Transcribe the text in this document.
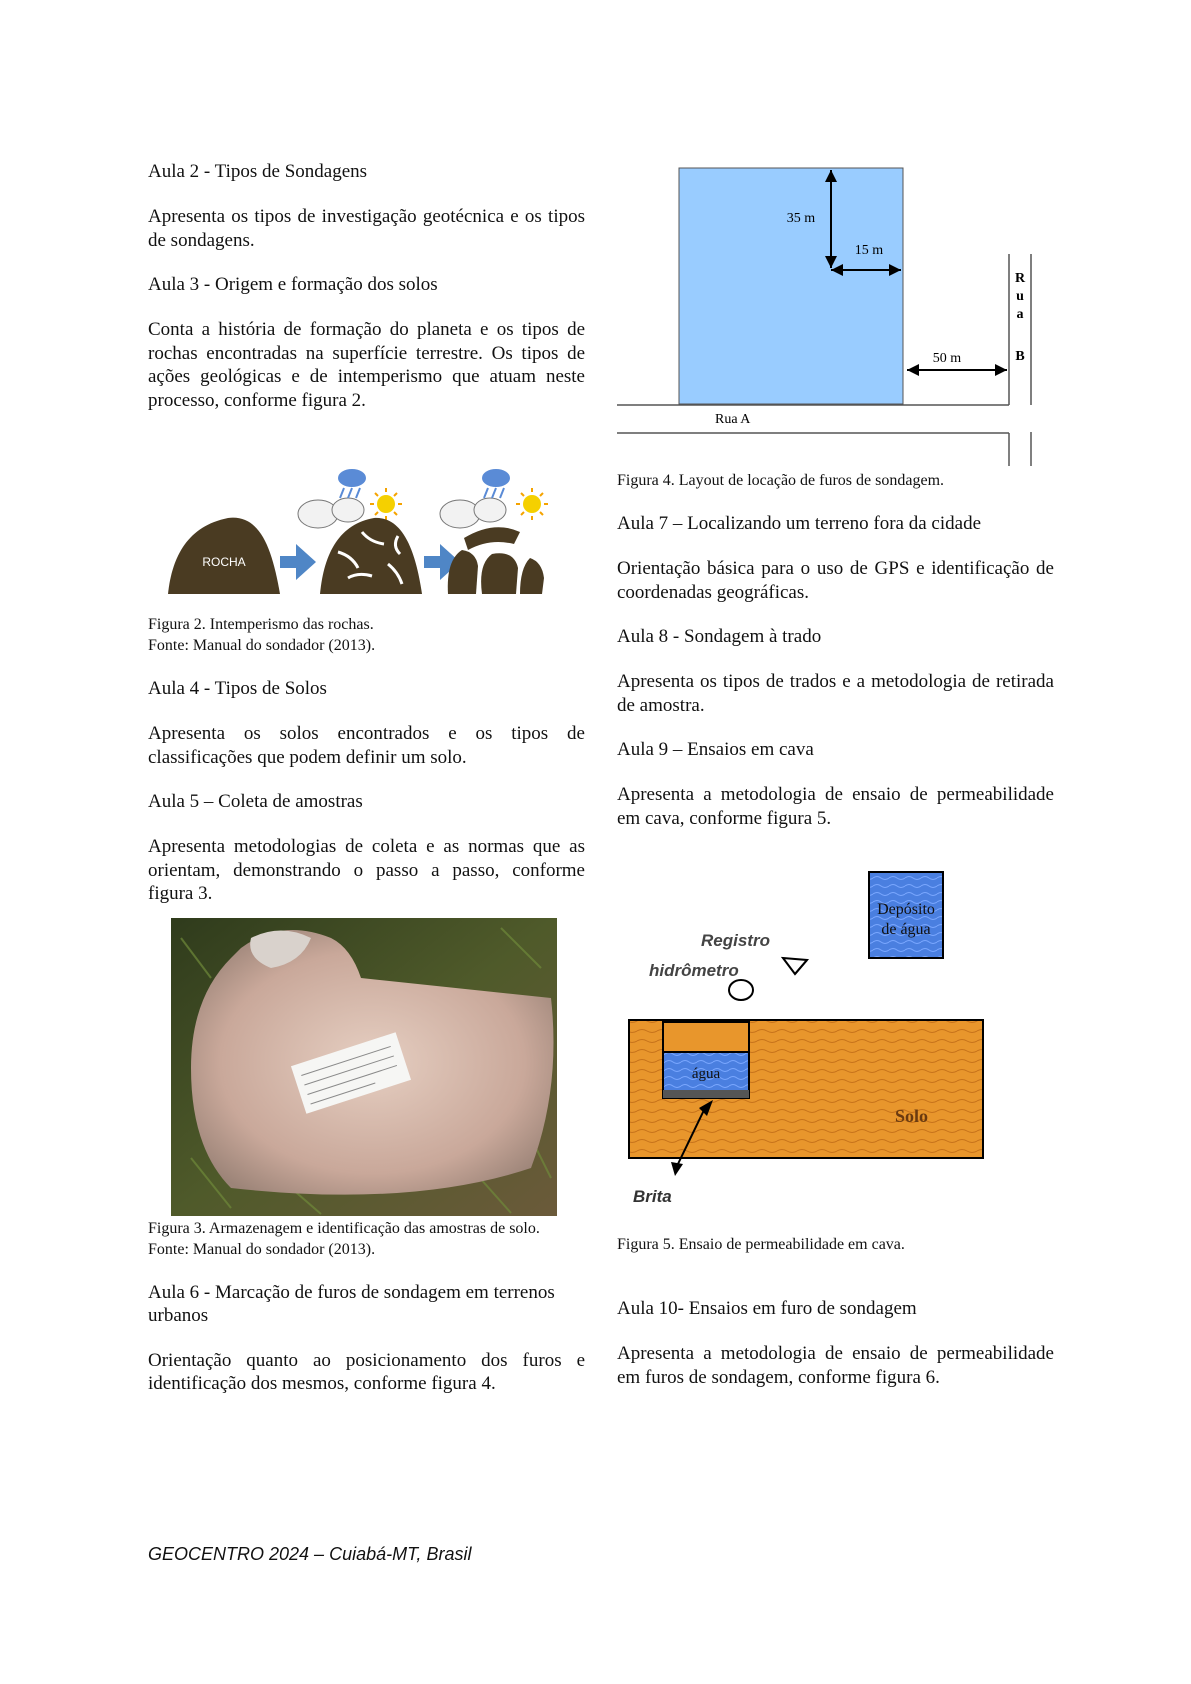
Aula 2 - Tipos de Sondagens

Apresenta os tipos de investigação geotécnica e os tipos de sondagens.

Aula 3 - Origem e formação dos solos

Conta a história de formação do planeta e os tipos de rochas encontradas na superfície terrestre. Os tipos de ações geológicas e de intemperismo que atuam neste processo, conforme figura 2.

ROCHA

Figura 2. Intemperismo das rochas.

Fonte: Manual do sondador (2013).

Aula 4 - Tipos de Solos

Apresenta os solos encontrados e os tipos de classificações que podem definir um solo.

Aula 5 – Coleta de amostras

Apresenta metodologias de coleta e as normas que as orientam, demonstrando o passo a passo, conforme figura 3.

Figura 3. Armazenagem e identificação das amostras de solo.

Fonte: Manual do sondador (2013).

Aula 6 - Marcação de furos de sondagem em terrenos urbanos

Orientação quanto ao posicionamento dos furos e identificação dos mesmos, conforme figura 4.

35 m
15 m
50 m
Rua A
R
u
a
B

Figura 4. Layout de locação de furos de sondagem.

Aula 7 – Localizando um terreno fora da cidade

Orientação básica para o uso de GPS e identificação de coordenadas geográficas.

Aula 8 - Sondagem à trado

Apresenta os tipos de trados e a metodologia de retirada de amostra.

Aula 9 – Ensaios em cava

Apresenta a metodologia de ensaio de permeabilidade em cava, conforme figura 5.

Depósito
de água
Registro
hidrômetro
Solo
água
Brita

Figura 5. Ensaio de permeabilidade em cava.

Aula 10- Ensaios em furo de sondagem

Apresenta a metodologia de ensaio de permeabilidade em furos de sondagem, conforme figura 6.

GEOCENTRO 2024 – Cuiabá-MT, Brasil
